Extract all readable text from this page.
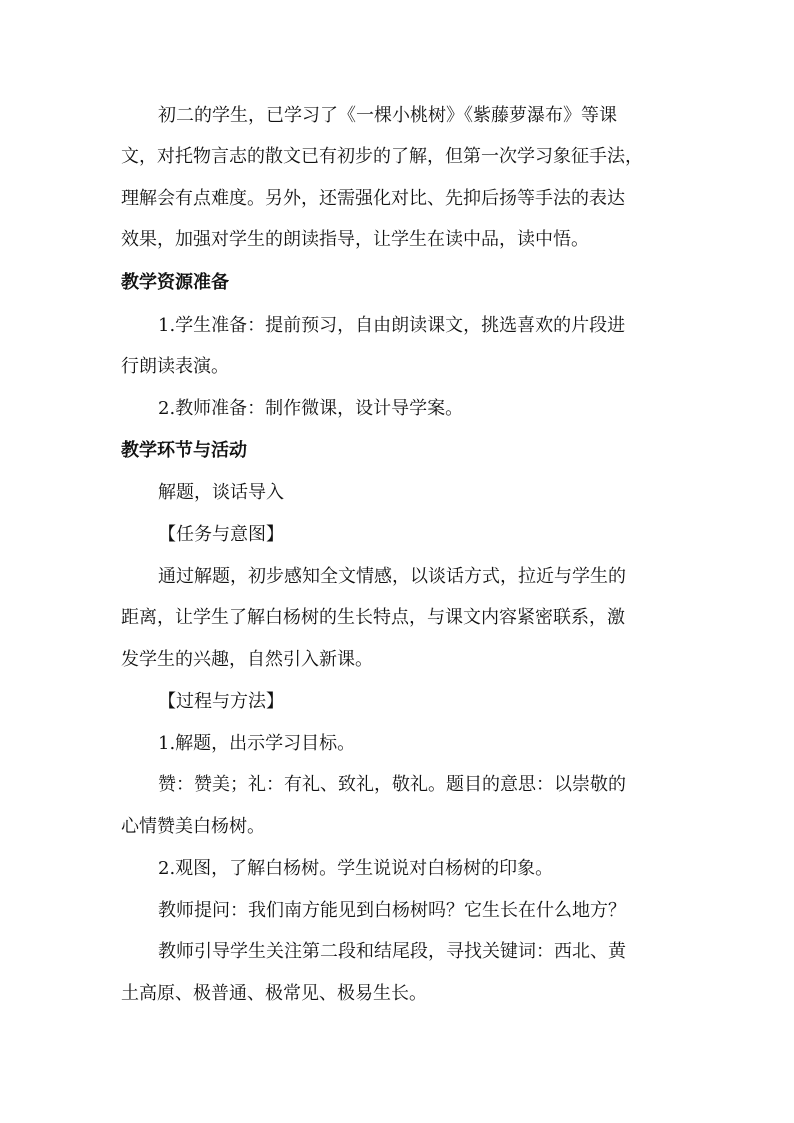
初二的学生，已学习了《一棵小桃树》《紫藤萝瀑布》等课
文，对托物言志的散文已有初步的了解，但第一次学习象征手法，
理解会有点难度。另外，还需强化对比、先抑后扬等手法的表达
效果，加强对学生的朗读指导，让学生在读中品，读中悟。
教学资源准备
1.学生准备：提前预习，自由朗读课文，挑选喜欢的片段进
行朗读表演。
2.教师准备：制作微课，设计导学案。
教学环节与活动
解题，谈话导入
【任务与意图】
通过解题，初步感知全文情感，以谈话方式，拉近与学生的
距离，让学生了解白杨树的生长特点，与课文内容紧密联系，激
发学生的兴趣，自然引入新课。
【过程与方法】
1.解题，出示学习目标。
赞：赞美；礼：有礼、致礼，敬礼。题目的意思：以崇敬的
心情赞美白杨树。
2.观图，了解白杨树。学生说说对白杨树的印象。
教师提问：我们南方能见到白杨树吗？它生长在什么地方？
教师引导学生关注第二段和结尾段，寻找关键词：西北、黄
土高原、极普通、极常见、极易生长。
